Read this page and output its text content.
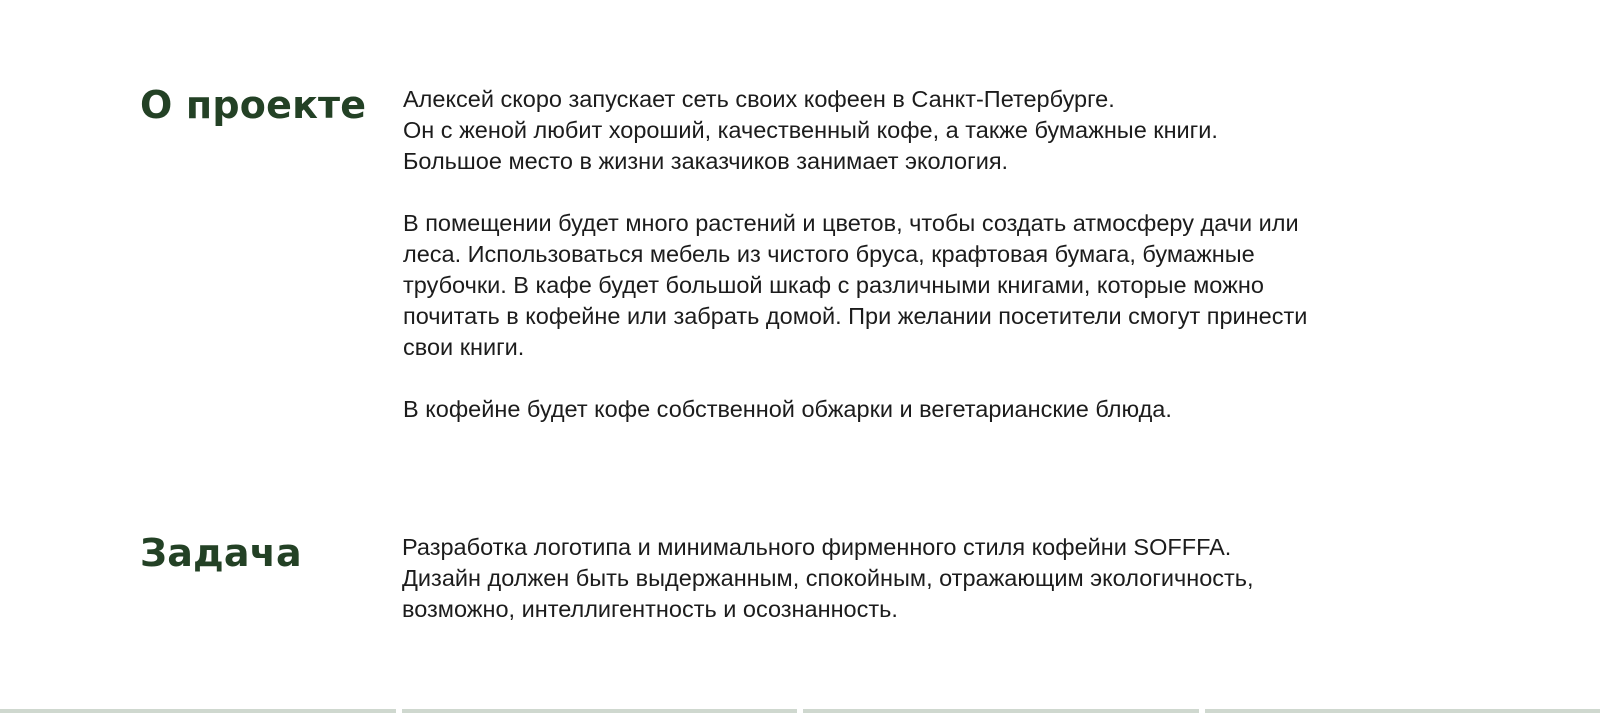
О проекте Алексей скоро запускает сеть своих кофеен в Санкт-Петербурге.
Он с женой любит хороший, качественный кофе, а также бумажные книги.
Большое место в жизни заказчиков занимает экология.

В помещении будет много растений и цветов, чтобы создать атмосферу дачи или
леса. Использоваться мебель из чистого бруса, крафтовая бумага, бумажные
трубочки. В кафе будет большой шкаф с различными книгами, которые можно
почитать в кофейне или забрать домой. При желании посетители смогут принести
свои книги.

В кофейне будет кофе собственной обжарки и вегетарианские блюда.

Задача	Разработка логотипа и минимального фирменного стиля кофейни SOFFFA.
Дизайн должен быть выдержанным, спокойным, отражающим экологичность,
возможно, интеллигентность и осознанность.
